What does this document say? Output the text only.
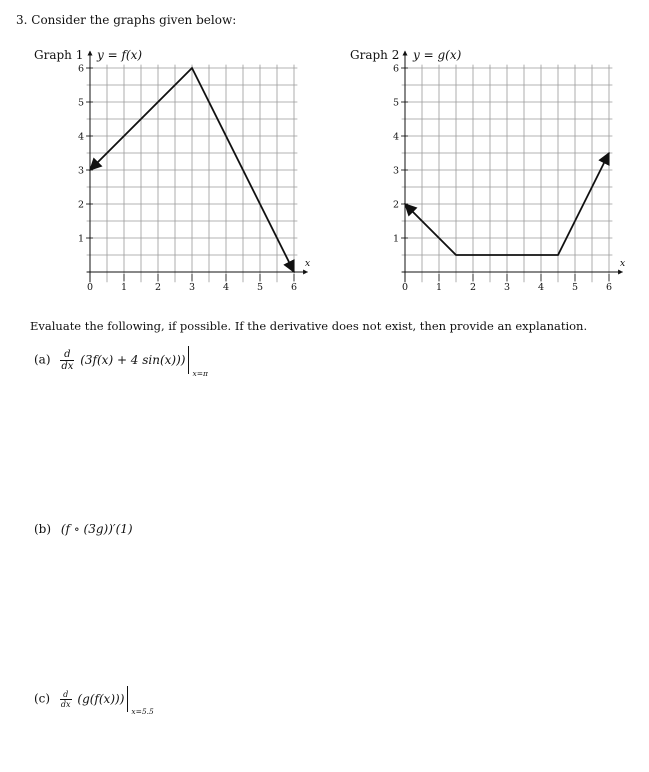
3. Consider the graphs given below:
Graph 1 y = f(x)	Graph 2 y = g(x)
0	1	2	3	4	5	6
1
2
3
4
5
6
x
0	1	2	3	4	5	6
1
2
3
4
5
6
x
Evaluate the following, if possible. If the derivative does not exist, then provide an explanation.
$(a) \frac{d}{dx} (3f(x) + 4$ sin(x)))
x=π
(b) (f ∘ (3g))′(1)
$(c) \frac{d}{dx} (g(f(x)))$
x=5.5
